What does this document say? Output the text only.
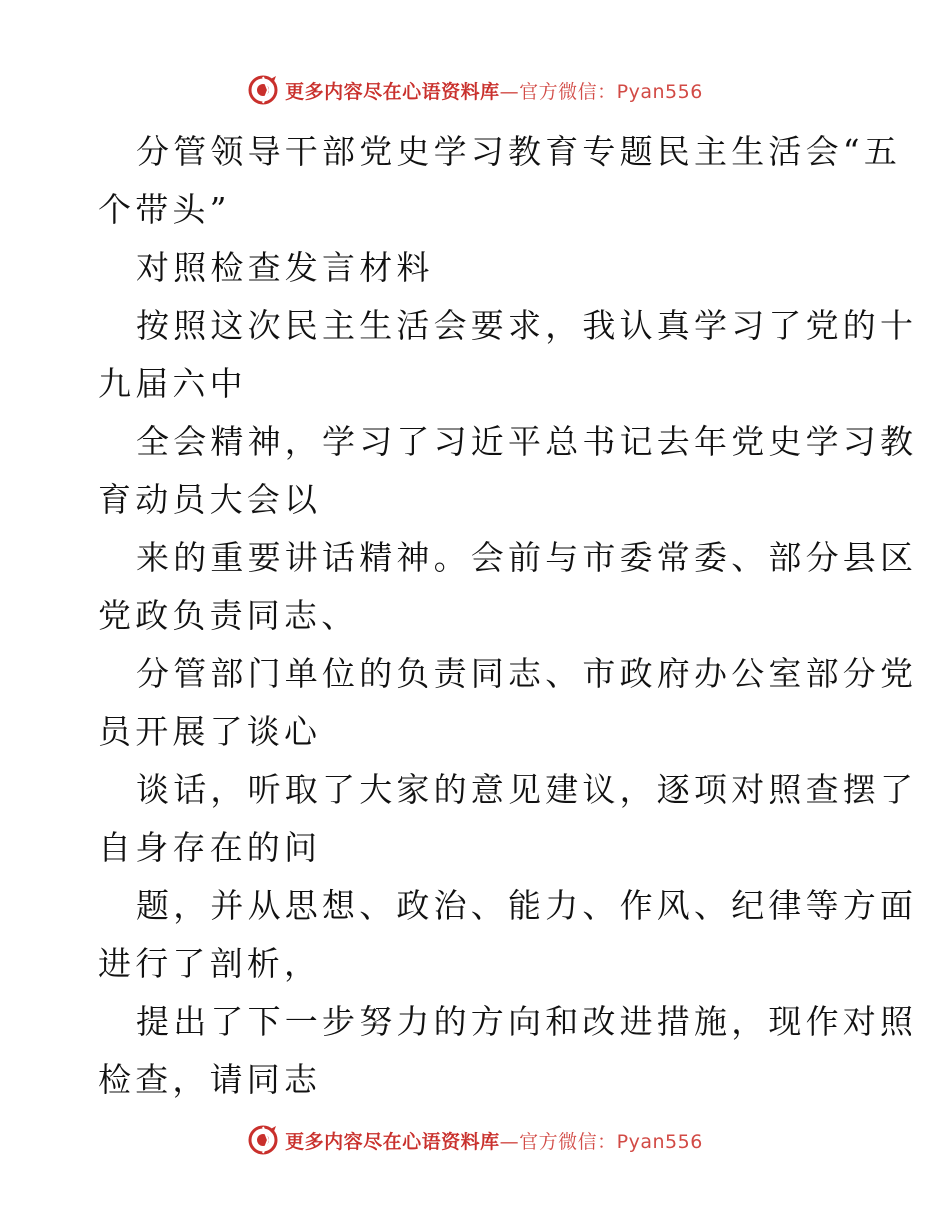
更多内容尽在心语资料库—官方微信：Pyan556
分管领导干部党史学习教育专题民主生活会“五
个带头”
对照检查发言材料
按照这次民主生活会要求，我认真学习了党的十
九届六中
全会精神，学习了习近平总书记去年党史学习教
育动员大会以
来的重要讲话精神。会前与市委常委、部分县区
党政负责同志、
分管部门单位的负责同志、市政府办公室部分党
员开展了谈心
谈话，听取了大家的意见建议，逐项对照查摆了
自身存在的问
题，并从思想、政治、能力、作风、纪律等方面
进行了剖析，
提出了下一步努力的方向和改进措施，现作对照
检查，请同志
更多内容尽在心语资料库—官方微信：Pyan556
